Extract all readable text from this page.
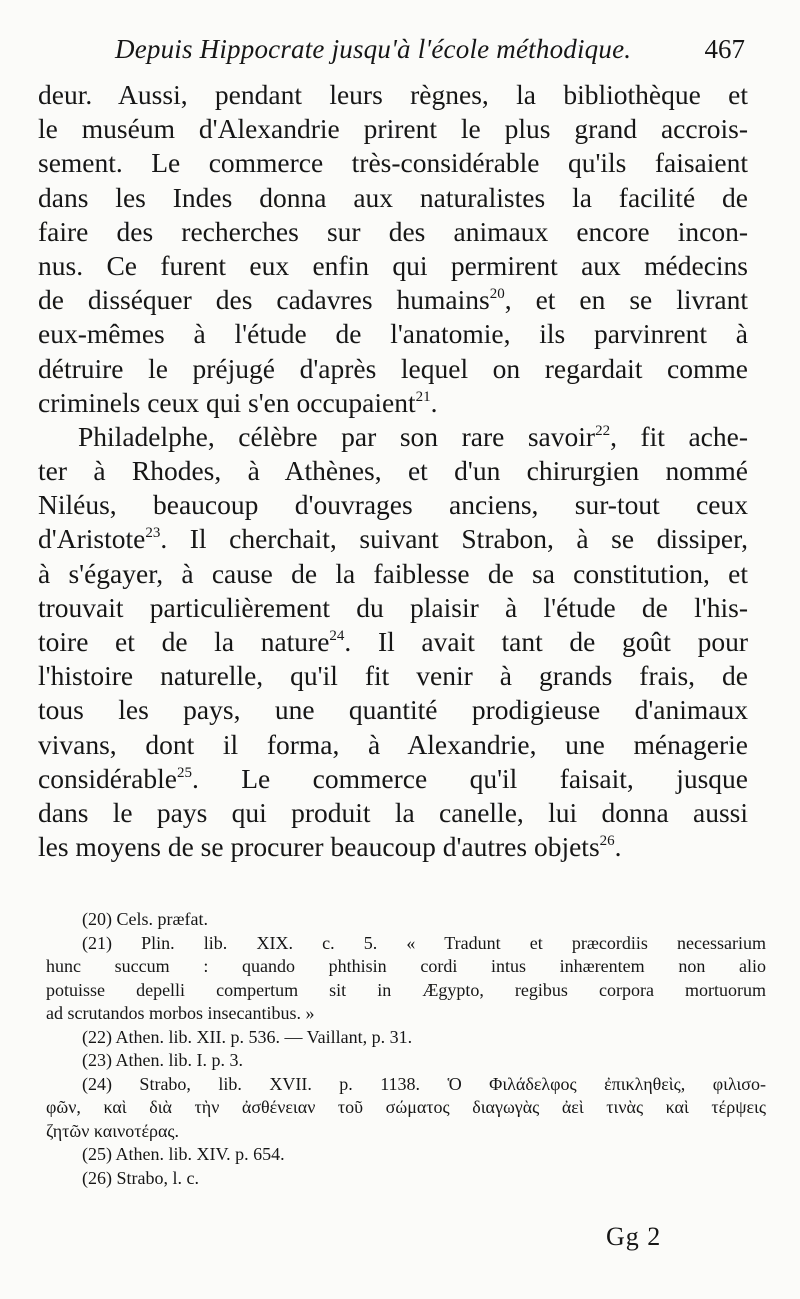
Depuis Hippocrate jusqu'à l'école méthodique.	467
deur. Aussi, pendant leurs règnes, la bibliothèque et
le muséum d'Alexandrie prirent le plus grand accrois-
sement. Le commerce très-considérable qu'ils faisaient
dans les Indes donna aux naturalistes la facilité de
faire des recherches sur des animaux encore incon-
nus. Ce furent eux enfin qui permirent aux médecins
de disséquer des cadavres humains$^{20}$, et en se livrant
eux-mêmes à l'étude de l'anatomie, ils parvinrent à
détruire le préjugé d'après lequel on regardait comme
criminels ceux qui s'en occupaient$^{21}$.
Philadelphe, célèbre par son rare savoir$^{22}$, fit ache-
ter à Rhodes, à Athènes, et d'un chirurgien nommé
Niléus, beaucoup d'ouvrages anciens, sur-tout ceux
d'Aristote$^{23}$. Il cherchait, suivant Strabon, à se dissiper,
à s'égayer, à cause de la faiblesse de sa constitution, et
trouvait particulièrement du plaisir à l'étude de l'his-
toire et de la nature$^{24}$. Il avait tant de goût pour
l'histoire naturelle, qu'il fit venir à grands frais, de
tous les pays, une quantité prodigieuse d'animaux
vivans, dont il forma, à Alexandrie, une ménagerie
considérable$^{25}$. Le commerce qu'il faisait, jusque
dans le pays qui produit la canelle, lui donna aussi
les moyens de se procurer beaucoup d'autres objets$^{26}$.
(20) Cels. præfat.
(21) Plin. lib. XIX. c. 5. « Tradunt et præcordiis necessarium
hunc succum : quando phthisin cordi intus inhærentem non alio
potuisse depelli compertum sit in Ægypto, regibus corpora mortuorum
ad scrutandos morbos insecantibus. »
(22) Athen. lib. XII. p. 536. — Vaillant, p. 31.
(23) Athen. lib. I. p. 3.
(24) Strabo, lib. XVII. p. 1138. Ὁ Φιλάδελφος ἐπικληθεὶς, φιλισο-
φῶν, καὶ διὰ τὴν ἀσθένειαν τοῦ σώματος διαγωγὰς ἀεὶ τινὰς καὶ τέρψεις
ζητῶν καινοτέρας.
(25) Athen. lib. XIV. p. 654.
(26) Strabo, l. c.
Gg 2
